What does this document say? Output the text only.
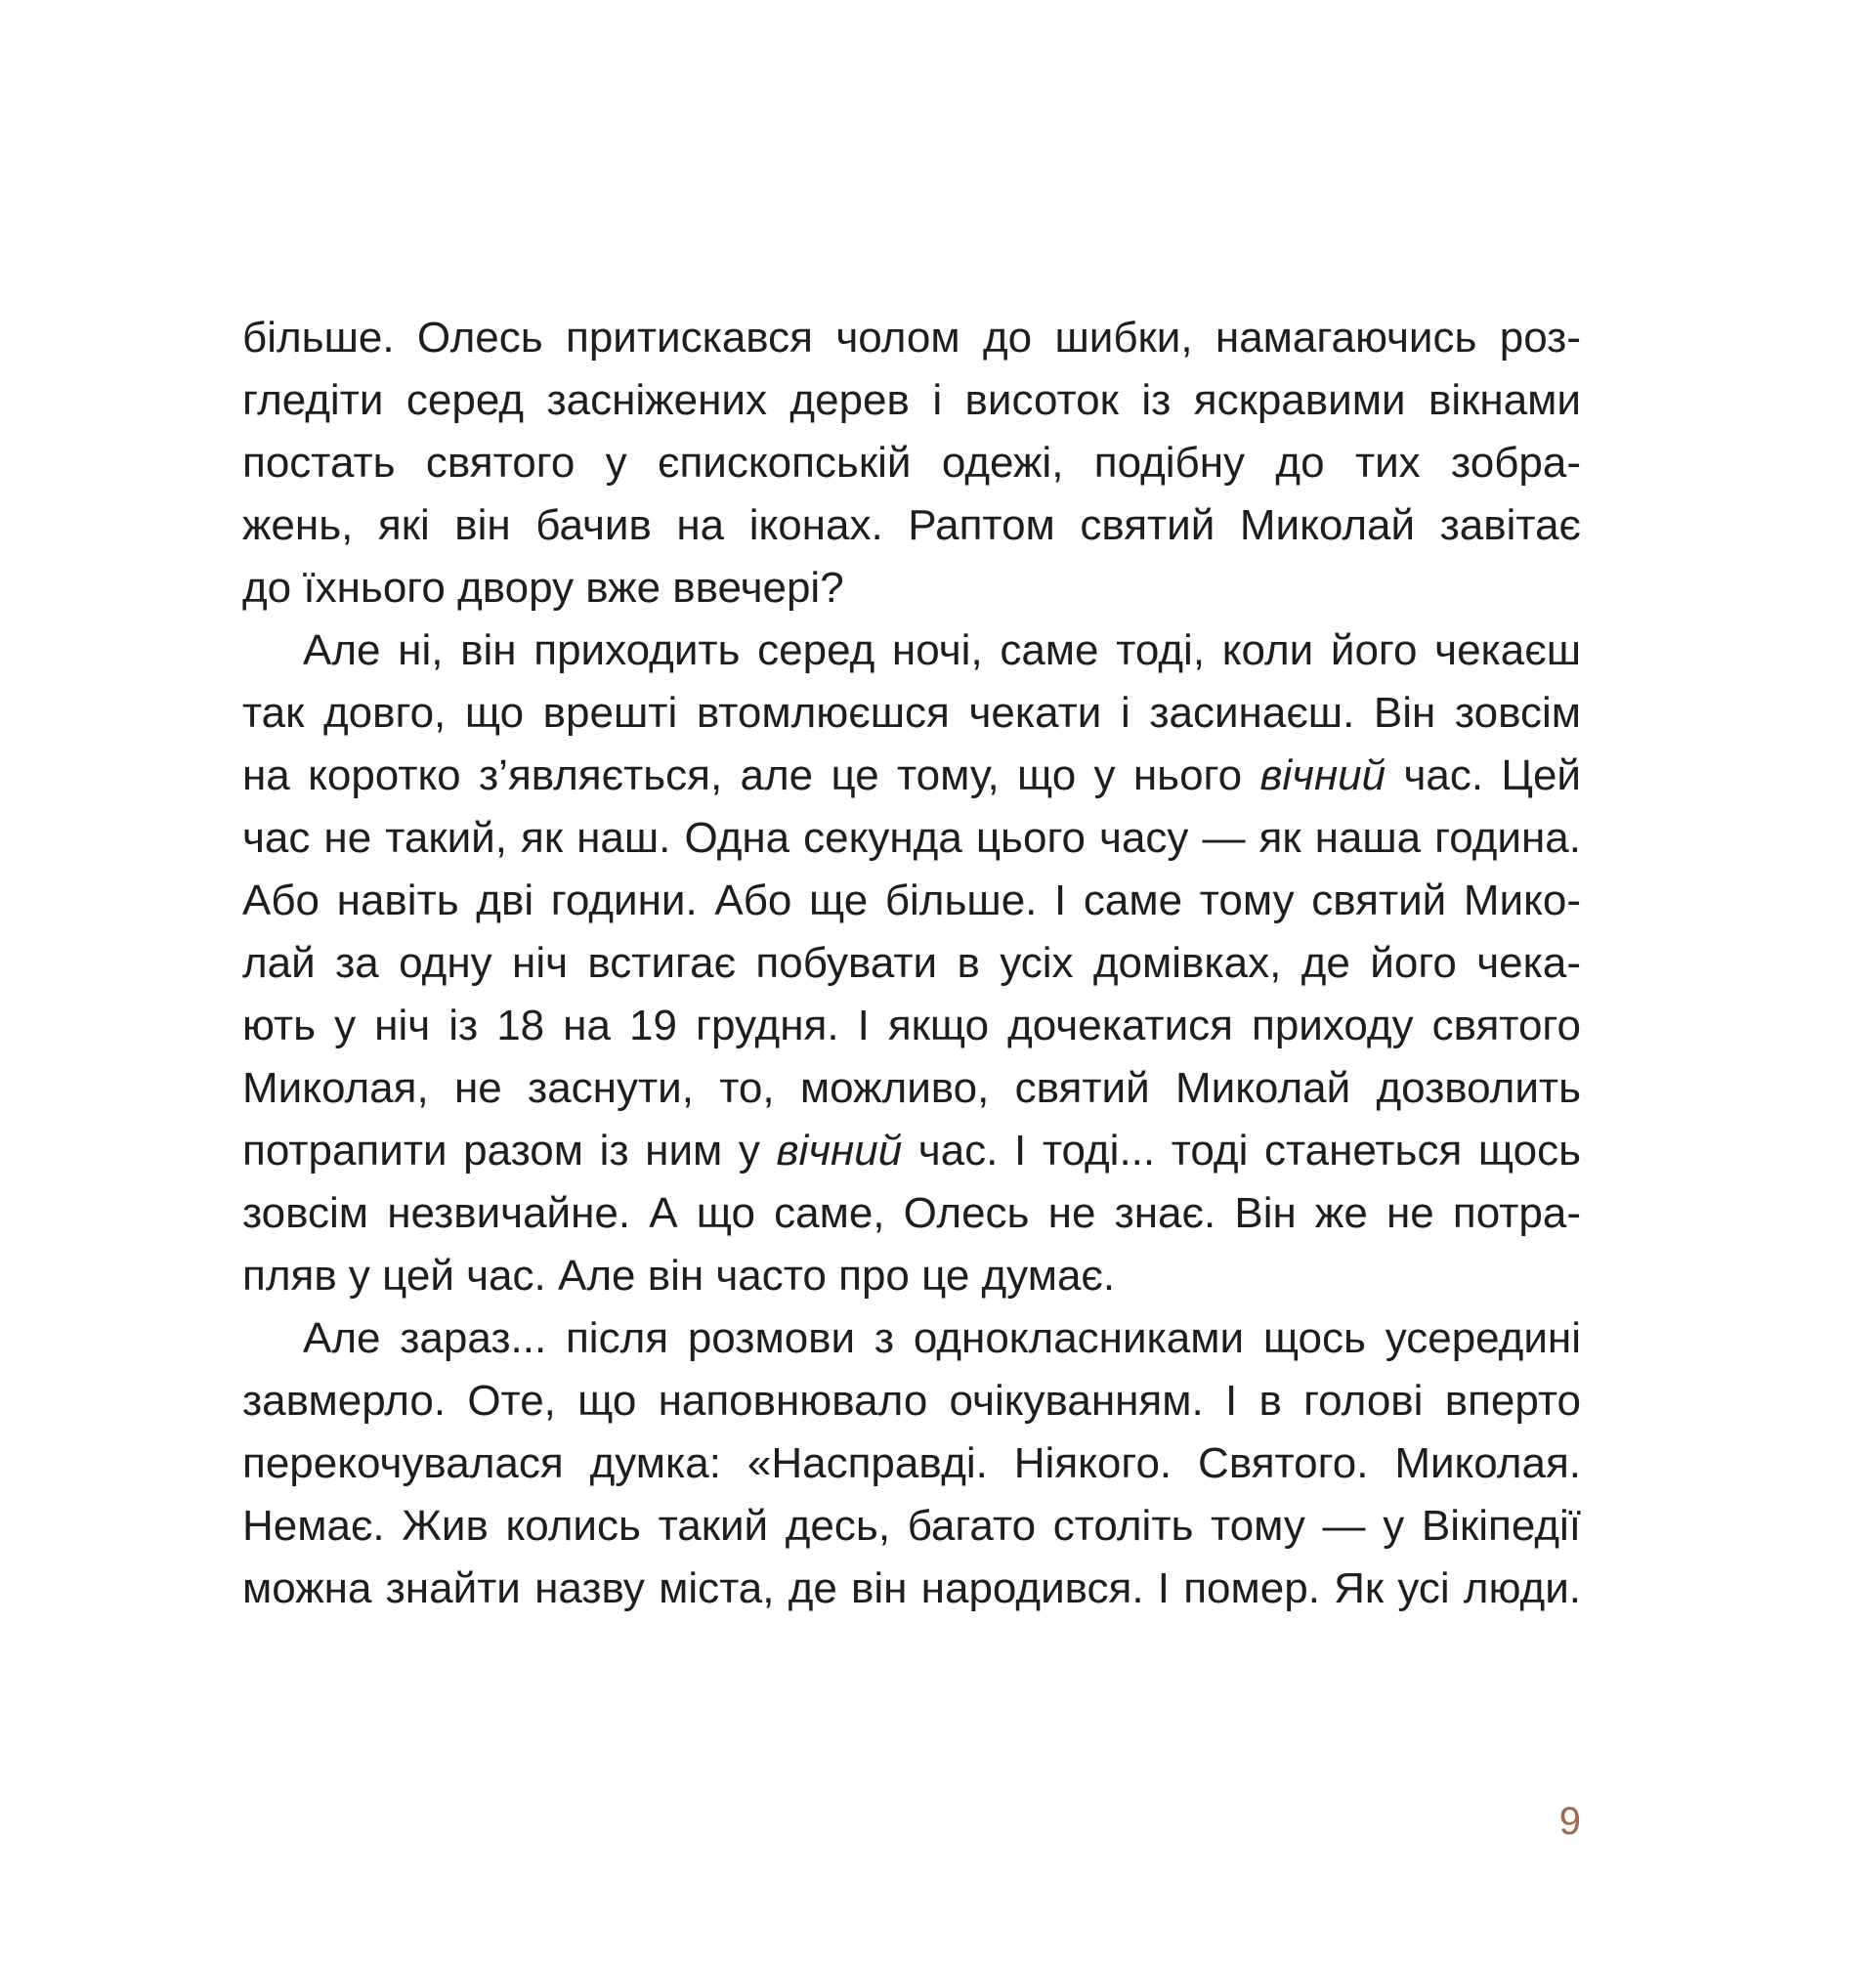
більше. Олесь притискався чолом до шибки, намагаючись роз-
гледіти серед засніжених дерев і висоток із яскравими вікнами
постать святого у єпископській одежі, подібну до тих зобра-
жень, які він бачив на іконах. Раптом святий Миколай завітає
до їхнього двору вже ввечері?
Але ні, він приходить серед ночі, саме тоді, коли його чекаєш
так довго, що врешті втомлюєшся чекати і засинаєш. Він зовсім
на коротко з’являється, але це тому, що у нього вічний час. Цей
час не такий, як наш. Одна секунда цього часу — як наша година.
Або навіть дві години. Або ще більше. І саме тому святий Мико-
лай за одну ніч встигає побувати в усіх домівках, де його чека-
ють у ніч із 18 на 19 грудня. І якщо дочекатися приходу святого
Миколая, не заснути, то, можливо, святий Миколай дозволить
потрапити разом із ним у вічний час. І тоді... тоді станеться щось
зовсім незвичайне. А що саме, Олесь не знає. Він же не потра-
пляв у цей час. Але він часто про це думає.
Але зараз... після розмови з однокласниками щось усередині
завмерло. Оте, що наповнювало очікуванням. І в голові вперто
перекочувалася думка: «Насправді. Ніякого. Святого. Миколая.
Немає. Жив колись такий десь, багато століть тому — у Вікіпедії
можна знайти назву міста, де він народився. І помер. Як усі люди.
9
